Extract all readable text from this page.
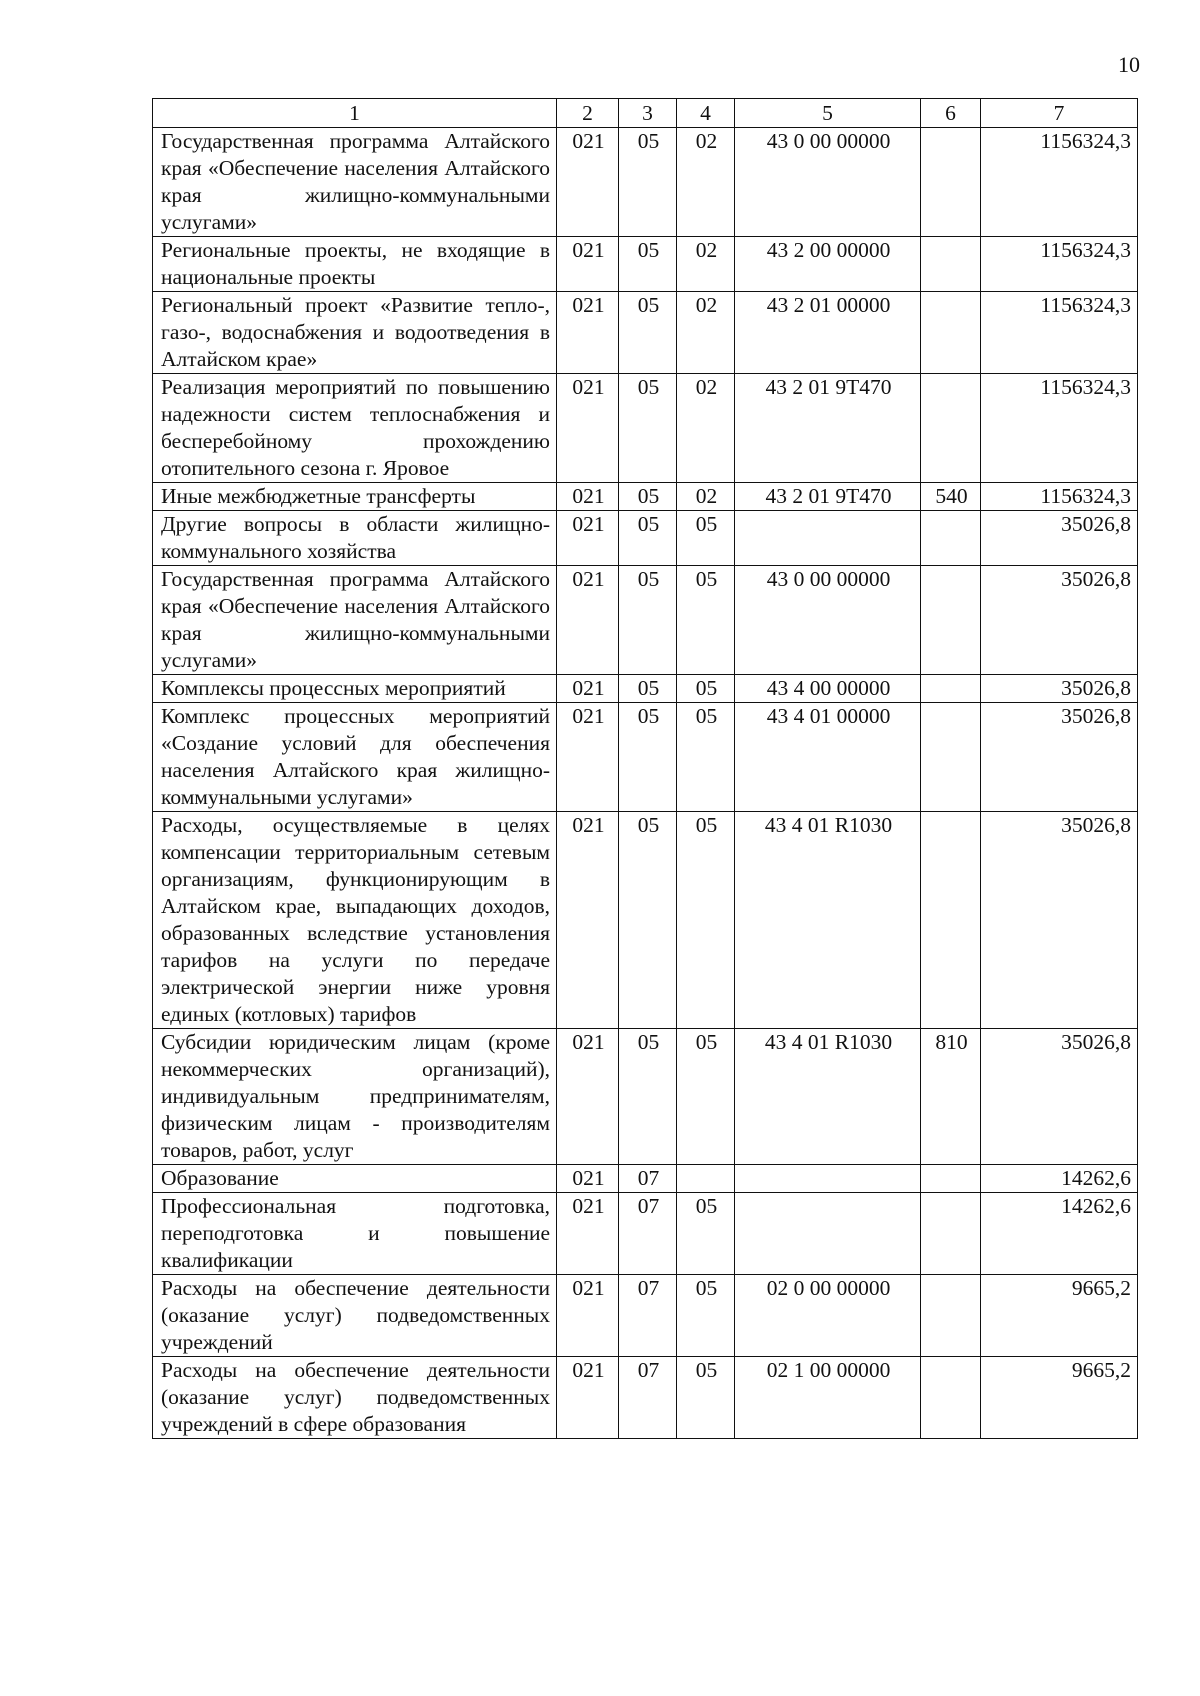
10
1	2	3	4	5	6	7
Государственная программа Алтайского края «Обеспечение населения Алтайского края жилищно-коммунальными услугами»	021	05	02	43 0 00 00000		1156324,3
Региональные проекты, не входящие в национальные проекты	021	05	02	43 2 00 00000		1156324,3
Региональный проект «Развитие тепло-, газо-, водоснабжения и водоотведения в Алтайском крае»	021	05	02	43 2 01 00000		1156324,3
Реализация мероприятий по повышению надежности систем теплоснабжения и бесперебойному прохождению отопительного сезона г. Яровое	021	05	02	43 2 01 9T470		1156324,3
Иные межбюджетные трансферты	021	05	02	43 2 01 9T470	540	1156324,3
Другие вопросы в области жилищно-коммунального хозяйства	021	05	05			35026,8
Государственная программа Алтайского края «Обеспечение населения Алтайского края жилищно-коммунальными услугами»	021	05	05	43 0 00 00000		35026,8
Комплексы процессных мероприятий	021	05	05	43 4 00 00000		35026,8
Комплекс процессных мероприятий «Создание условий для обеспечения населения Алтайского края жилищно-коммунальными услугами»	021	05	05	43 4 01 00000		35026,8
Расходы, осуществляемые в целях компенсации территориальным сетевым организациям, функционирующим в Алтайском крае, выпадающих доходов, образованных вследствие установления тарифов на услуги по передаче электрической энергии ниже уровня единых (котловых) тарифов	021	05	05	43 4 01 R1030		35026,8
Субсидии юридическим лицам (кроме некоммерческих организаций), индивидуальным предпринимателям, физическим лицам - производителям товаров, работ, услуг	021	05	05	43 4 01 R1030	810	35026,8
Образование	021	07				14262,6
Профессиональная подготовка, переподготовка и повышение квалификации	021	07	05			14262,6
Расходы на обеспечение деятельности (оказание услуг) подведомственных учреждений	021	07	05	02 0 00 00000		9665,2
Расходы на обеспечение деятельности (оказание услуг) подведомственных учреждений в сфере образования	021	07	05	02 1 00 00000		9665,2
